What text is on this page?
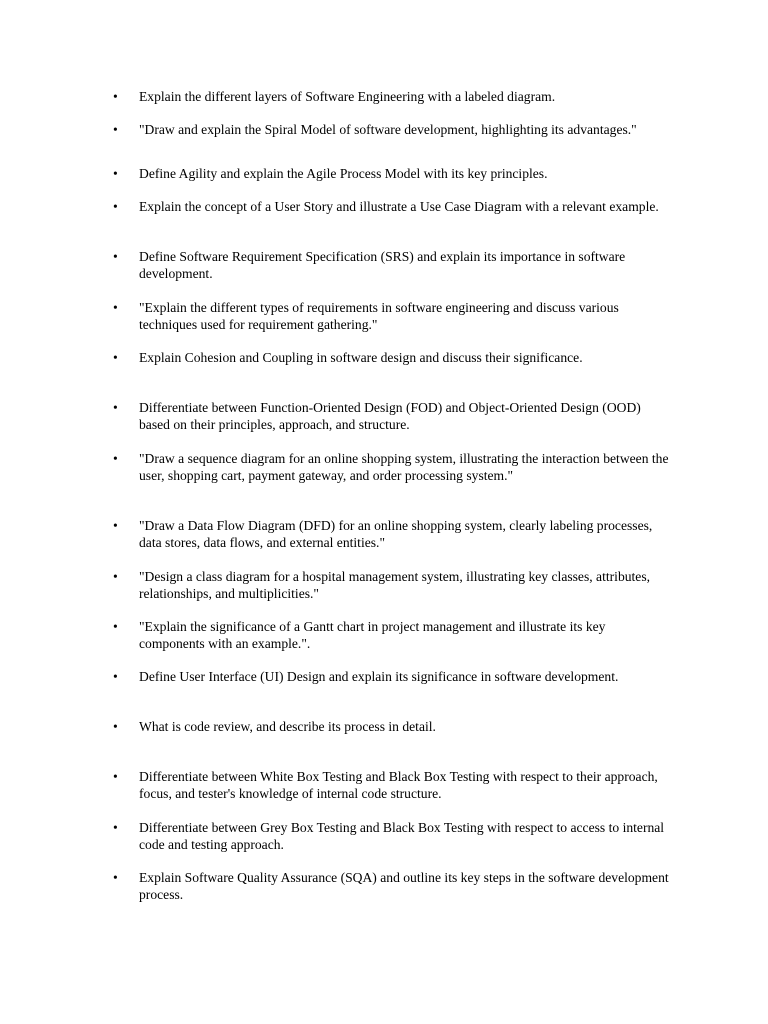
• Explain the different layers of Software Engineering with a labeled diagram.
• "Draw and explain the Spiral Model of software development, highlighting its advantages."
• Define Agility and explain the Agile Process Model with its key principles.
• Explain the concept of a User Story and illustrate a Use Case Diagram with a relevant example.
• Define Software Requirement Specification (SRS) and explain its importance in software development.
• "Explain the different types of requirements in software engineering and discuss various techniques used for requirement gathering."
• Explain Cohesion and Coupling in software design and discuss their significance.
• Differentiate between Function-Oriented Design (FOD) and Object-Oriented Design (OOD) based on their principles, approach, and structure.
• "Draw a sequence diagram for an online shopping system, illustrating the interaction between the user, shopping cart, payment gateway, and order processing system."
• "Draw a Data Flow Diagram (DFD) for an online shopping system, clearly labeling processes, data stores, data flows, and external entities."
• "Design a class diagram for a hospital management system, illustrating key classes, attributes, relationships, and multiplicities."
• "Explain the significance of a Gantt chart in project management and illustrate its key components with an example.".
• Define User Interface (UI) Design and explain its significance in software development.
• What is code review, and describe its process in detail.
• Differentiate between White Box Testing and Black Box Testing with respect to their approach, focus, and tester's knowledge of internal code structure.
• Differentiate between Grey Box Testing and Black Box Testing with respect to access to internal code and testing approach.
• Explain Software Quality Assurance (SQA) and outline its key steps in the software development process.
